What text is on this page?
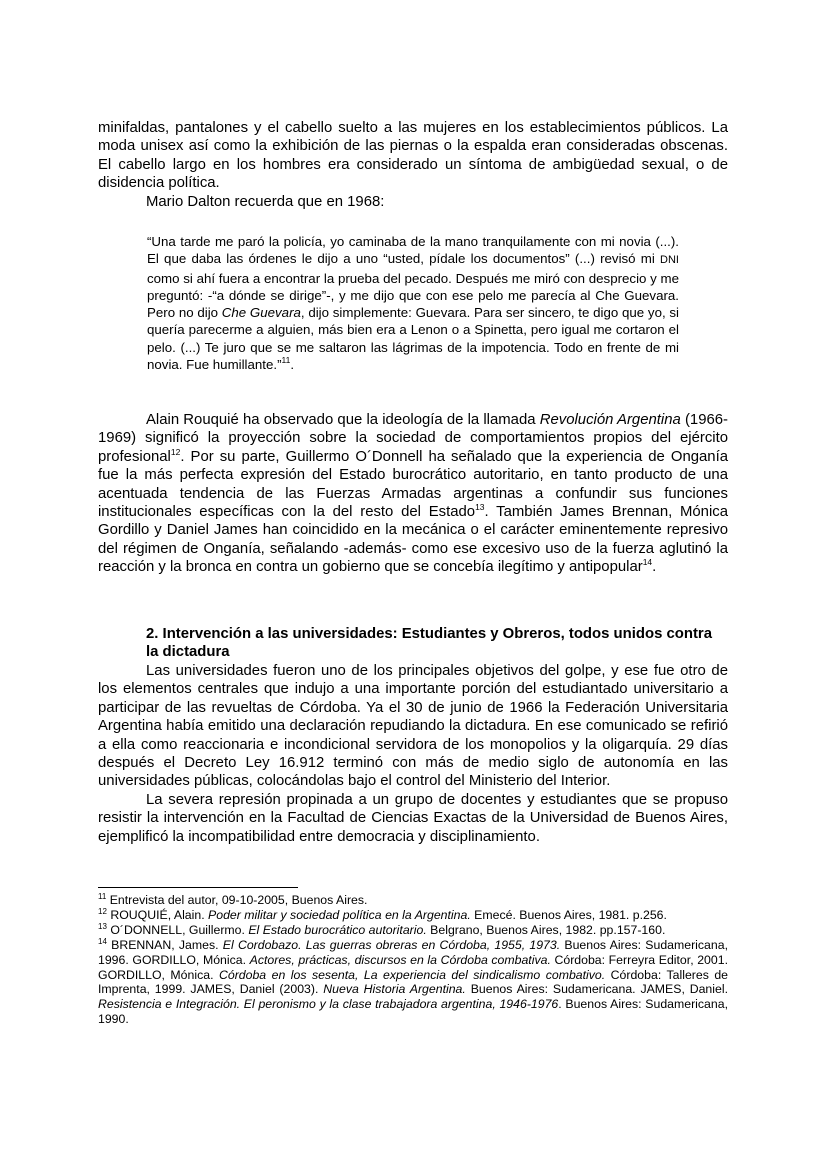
minifaldas, pantalones y el cabello suelto a las mujeres en los establecimientos públicos. La moda unisex así como la exhibición de las piernas o la espalda eran consideradas obscenas. El cabello largo en los hombres era considerado un síntoma de ambigüedad sexual, o de disidencia política.

Mario Dalton recuerda que en 1968:

“Una tarde me paró la policía, yo caminaba de la mano tranquilamente con mi novia (...). El que daba las órdenes le dijo a uno “usted, pídale los documentos” (...) revisó mi DNI como si ahí fuera a encontrar la prueba del pecado. Después me miró con desprecio y me preguntó: -“a dónde se dirige”-, y me dijo que con ese pelo me parecía al Che Guevara. Pero no dijo Che Guevara, dijo simplemente: Guevara. Para ser sincero, te digo que yo, si quería parecerme a alguien, más bien era a Lenon o a Spinetta, pero igual me cortaron el pelo. (...) Te juro que se me saltaron las lágrimas de la impotencia. Todo en frente de mi novia. Fue humillante.”$^{11}$.

Alain Rouquié ha observado que la ideología de la llamada Revolución Argentina (1966-1969) significó la proyección sobre la sociedad de comportamientos propios del ejército profesional$^{12}$. Por su parte, Guillermo O´Donnell ha señalado que la experiencia de Onganía fue la más perfecta expresión del Estado burocrático autoritario, en tanto producto de una acentuada tendencia de las Fuerzas Armadas argentinas a confundir sus funciones institucionales específicas con la del resto del Estado$^{13}$. También James Brennan, Mónica Gordillo y Daniel James han coincidido en la mecánica o el carácter eminentemente represivo del régimen de Onganía, señalando -además- como ese excesivo uso de la fuerza aglutinó la reacción y la bronca en contra un gobierno que se concebía ilegítimo y antipopular$^{14}$.

2. Intervención a las universidades: Estudiantes y Obreros, todos unidos contra la dictadura

Las universidades fueron uno de los principales objetivos del golpe, y ese fue otro de los elementos centrales que indujo a una importante porción del estudiantado universitario a participar de las revueltas de Córdoba. Ya el 30 de junio de 1966 la Federación Universitaria Argentina había emitido una declaración repudiando la dictadura. En ese comunicado se refirió a ella como reaccionaria e incondicional servidora de los monopolios y la oligarquía. 29 días después el Decreto Ley 16.912 terminó con más de medio siglo de autonomía en las universidades públicas, colocándolas bajo el control del Ministerio del Interior.

La severa represión propinada a un grupo de docentes y estudiantes que se propuso resistir la intervención en la Facultad de Ciencias Exactas de la Universidad de Buenos Aires, ejemplificó la incompatibilidad entre democracia y disciplinamiento.

$^{11}$ Entrevista del autor, 09-10-2005, Buenos Aires.

$^{12}$ ROUQUIÉ, Alain. Poder militar y sociedad política en la Argentina. Emecé. Buenos Aires, 1981. p.256.

$^{13}$ O´DONNELL, Guillermo. El Estado burocrático autoritario. Belgrano, Buenos Aires, 1982. pp.157-160.

$^{14}$ BRENNAN, James. El Cordobazo. Las guerras obreras en Córdoba, 1955, 1973. Buenos Aires: Sudamericana, 1996. GORDILLO, Mónica. Actores, prácticas, discursos en la Córdoba combativa. Córdoba: Ferreyra Editor, 2001. GORDILLO, Mónica. Córdoba en los sesenta, La experiencia del sindicalismo combativo. Córdoba: Talleres de Imprenta, 1999. JAMES, Daniel (2003). Nueva Historia Argentina. Buenos Aires: Sudamericana. JAMES, Daniel. Resistencia e Integración. El peronismo y la clase trabajadora argentina, 1946-1976. Buenos Aires: Sudamericana, 1990.
